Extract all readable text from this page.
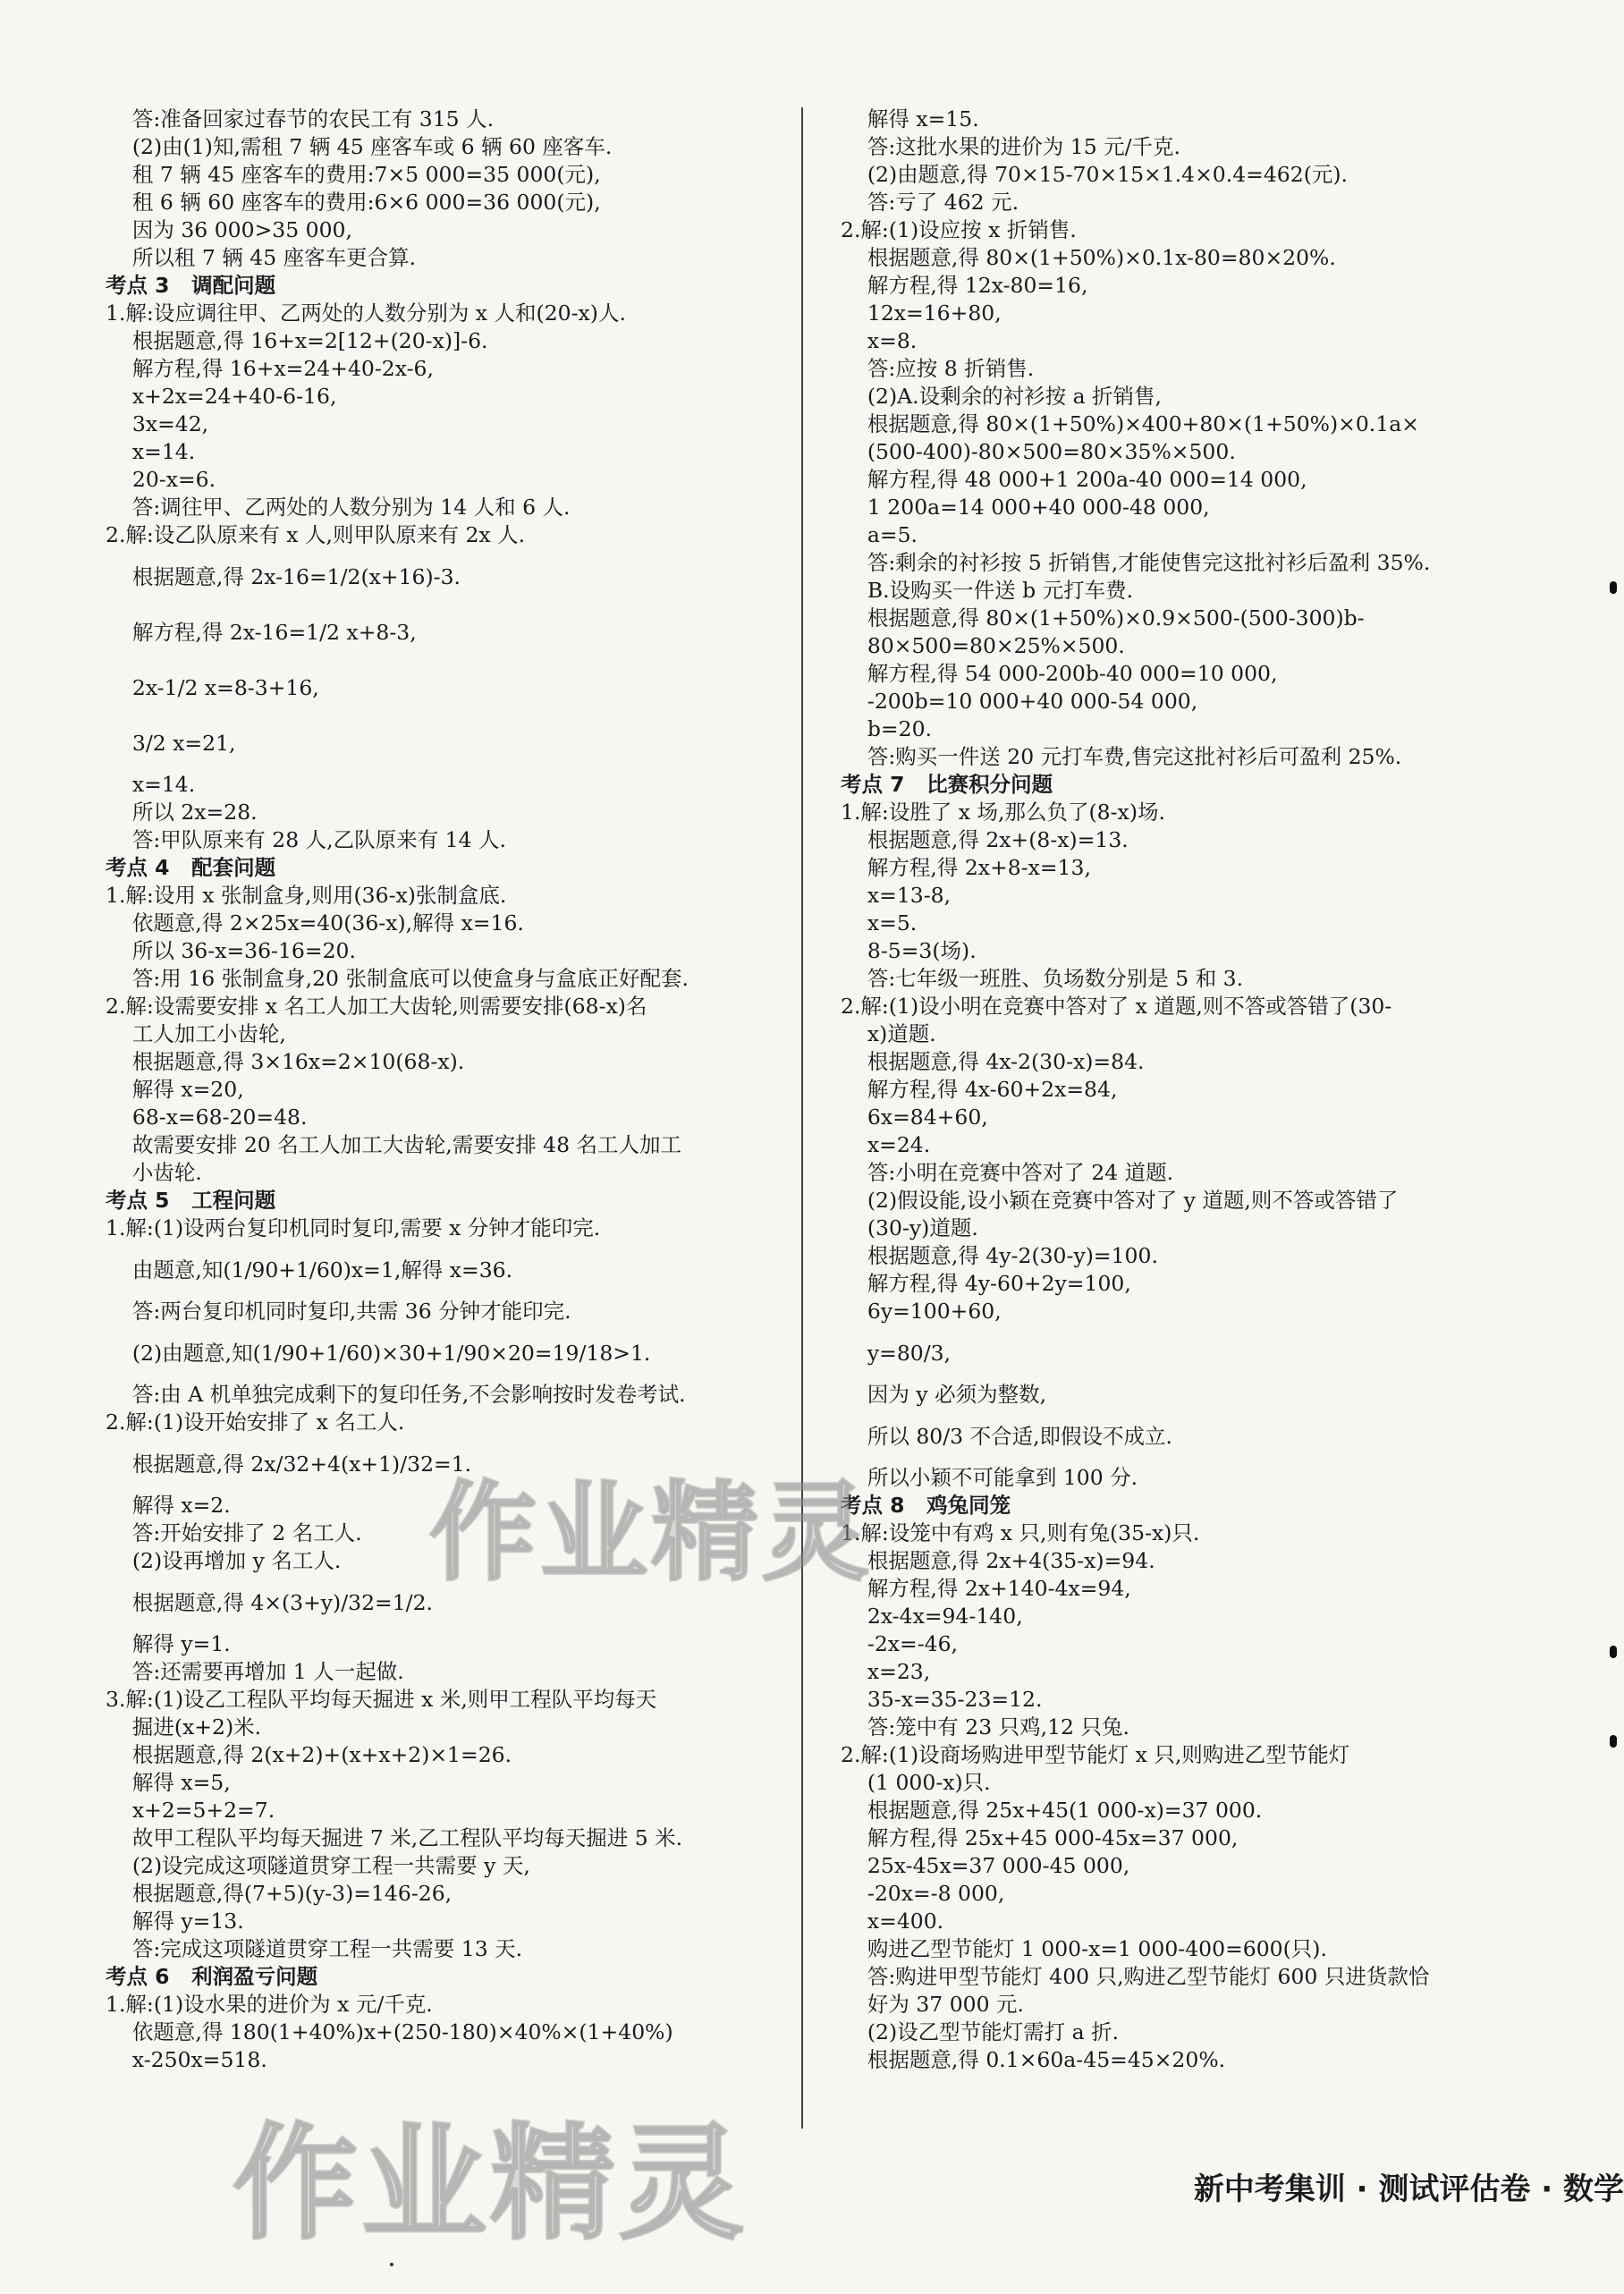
答:准备回家过春节的农民工有 315 人.
(2)由(1)知,需租 7 辆 45 座客车或 6 辆 60 座客车.
租 7 辆 45 座客车的费用:7×5 000=35 000(元),
租 6 辆 60 座客车的费用:6×6 000=36 000(元),
因为 36 000>35 000,
所以租 7 辆 45 座客车更合算.
考点 3   调配问题
1.解:设应调往甲、乙两处的人数分别为 x 人和(20-x)人.
根据题意,得 16+x=2[12+(20-x)]-6.
解方程,得 16+x=24+40-2x-6,
x+2x=24+40-6-16,
3x=42,
x=14.
20-x=6.
答:调往甲、乙两处的人数分别为 14 人和 6 人.
2.解:设乙队原来有 x 人,则甲队原来有 2x 人.
根据题意,得 2x-16=1/2(x+16)-3.
解方程,得 2x-16=1/2 x+8-3,
2x-1/2 x=8-3+16,
3/2 x=21,
x=14.
所以 2x=28.
答:甲队原来有 28 人,乙队原来有 14 人.
考点 4   配套问题
1.解:设用 x 张制盒身,则用(36-x)张制盒底.
依题意,得 2×25x=40(36-x),解得 x=16.
所以 36-x=36-16=20.
答:用 16 张制盒身,20 张制盒底可以使盒身与盒底正好配套.
2.解:设需要安排 x 名工人加工大齿轮,则需要安排(68-x)名
工人加工小齿轮,
根据题意,得 3×16x=2×10(68-x).
解得 x=20,
68-x=68-20=48.
故需要安排 20 名工人加工大齿轮,需要安排 48 名工人加工
小齿轮.
考点 5   工程问题
1.解:(1)设两台复印机同时复印,需要 x 分钟才能印完.
由题意,知(1/90+1/60)x=1,解得 x=36.
答:两台复印机同时复印,共需 36 分钟才能印完.
(2)由题意,知(1/90+1/60)×30+1/90×20=19/18>1.
答:由 A 机单独完成剩下的复印任务,不会影响按时发卷考试.
2.解:(1)设开始安排了 x 名工人.
根据题意,得 2x/32+4(x+1)/32=1.
解得 x=2.
答:开始安排了 2 名工人.
(2)设再增加 y 名工人.
根据题意,得 4×(3+y)/32=1/2.
解得 y=1.
答:还需要再增加 1 人一起做.
3.解:(1)设乙工程队平均每天掘进 x 米,则甲工程队平均每天
掘进(x+2)米.
根据题意,得 2(x+2)+(x+x+2)×1=26.
解得 x=5,
x+2=5+2=7.
故甲工程队平均每天掘进 7 米,乙工程队平均每天掘进 5 米.
(2)设完成这项隧道贯穿工程一共需要 y 天,
根据题意,得(7+5)(y-3)=146-26,
解得 y=13.
答:完成这项隧道贯穿工程一共需要 13 天.
考点 6   利润盈亏问题
1.解:(1)设水果的进价为 x 元/千克.
依题意,得 180(1+40%)x+(250-180)×40%×(1+40%)
x-250x=518.
解得 x=15.
答:这批水果的进价为 15 元/千克.
(2)由题意,得 70×15-70×15×1.4×0.4=462(元).
答:亏了 462 元.
2.解:(1)设应按 x 折销售.
根据题意,得 80×(1+50%)×0.1x-80=80×20%.
解方程,得 12x-80=16,
12x=16+80,
x=8.
答:应按 8 折销售.
(2)A.设剩余的衬衫按 a 折销售,
根据题意,得 80×(1+50%)×400+80×(1+50%)×0.1a×
(500-400)-80×500=80×35%×500.
解方程,得 48 000+1 200a-40 000=14 000,
1 200a=14 000+40 000-48 000,
a=5.
答:剩余的衬衫按 5 折销售,才能使售完这批衬衫后盈利 35%.
B.设购买一件送 b 元打车费.
根据题意,得 80×(1+50%)×0.9×500-(500-300)b-
80×500=80×25%×500.
解方程,得 54 000-200b-40 000=10 000,
-200b=10 000+40 000-54 000,
b=20.
答:购买一件送 20 元打车费,售完这批衬衫后可盈利 25%.
考点 7   比赛积分问题
1.解:设胜了 x 场,那么负了(8-x)场.
根据题意,得 2x+(8-x)=13.
解方程,得 2x+8-x=13,
x=13-8,
x=5.
8-5=3(场).
答:七年级一班胜、负场数分别是 5 和 3.
2.解:(1)设小明在竞赛中答对了 x 道题,则不答或答错了(30-
x)道题.
根据题意,得 4x-2(30-x)=84.
解方程,得 4x-60+2x=84,
6x=84+60,
x=24.
答:小明在竞赛中答对了 24 道题.
(2)假设能,设小颖在竞赛中答对了 y 道题,则不答或答错了
(30-y)道题.
根据题意,得 4y-2(30-y)=100.
解方程,得 4y-60+2y=100,
6y=100+60,
y=80/3,
因为 y 必须为整数,
所以 80/3 不合适,即假设不成立.
所以小颖不可能拿到 100 分.
考点 8   鸡兔同笼
1.解:设笼中有鸡 x 只,则有兔(35-x)只.
根据题意,得 2x+4(35-x)=94.
解方程,得 2x+140-4x=94,
2x-4x=94-140,
-2x=-46,
x=23,
35-x=35-23=12.
答:笼中有 23 只鸡,12 只兔.
2.解:(1)设商场购进甲型节能灯 x 只,则购进乙型节能灯
(1 000-x)只.
根据题意,得 25x+45(1 000-x)=37 000.
解方程,得 25x+45 000-45x=37 000,
25x-45x=37 000-45 000,
-20x=-8 000,
x=400.
购进乙型节能灯 1 000-x=1 000-400=600(只).
答:购进甲型节能灯 400 只,购进乙型节能灯 600 只进货款恰
好为 37 000 元.
(2)设乙型节能灯需打 a 折.
根据题意,得 0.1×60a-45=45×20%.
作业精灵
作业精灵	新中考集训 · 测试评估卷 · 数学
